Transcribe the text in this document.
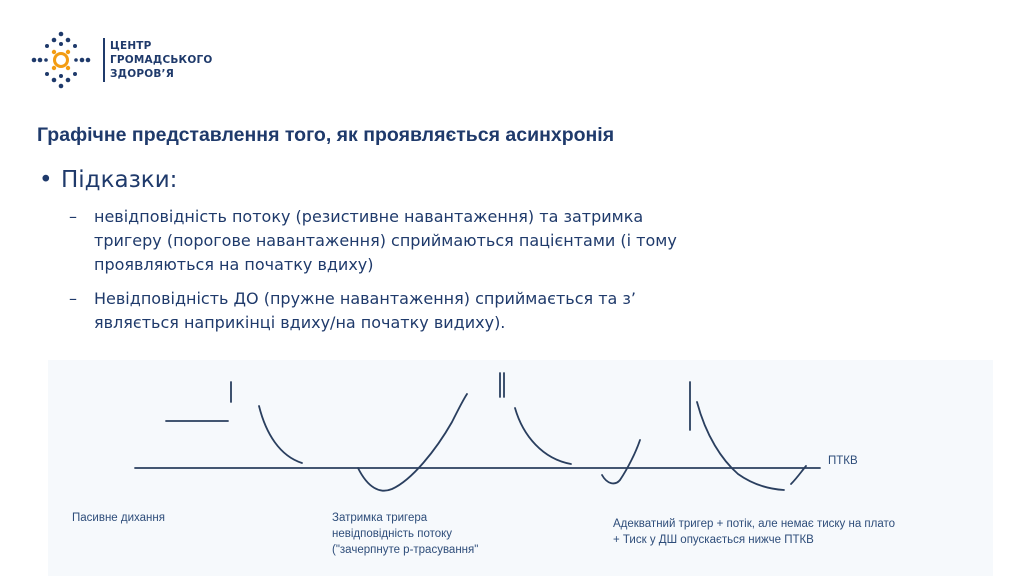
ЦЕНТР
ГРОМАДСЬКОГО
ЗДОРОВ’Я
Графічне представлення того, як проявляється асинхронія
• Підказки:
– невідповідність потоку (резистивне навантаження) та затримка
тригеру (порогове навантаження) сприймаються пацієнтами (і тому
проявляються на початку вдиху)
– Невідповідність ДО (пружне навантаження) сприймається та з’
являється наприкінці вдиху/на початку видиху).
ПТКВ
Пасивне дихання	Затримка тригера
невідповідність потоку
("зачерпнуте р-трасування"
Адекватний тригер + потік, але немає тиску на плато
+ Тиск у ДШ опускається нижче ПТКВ
